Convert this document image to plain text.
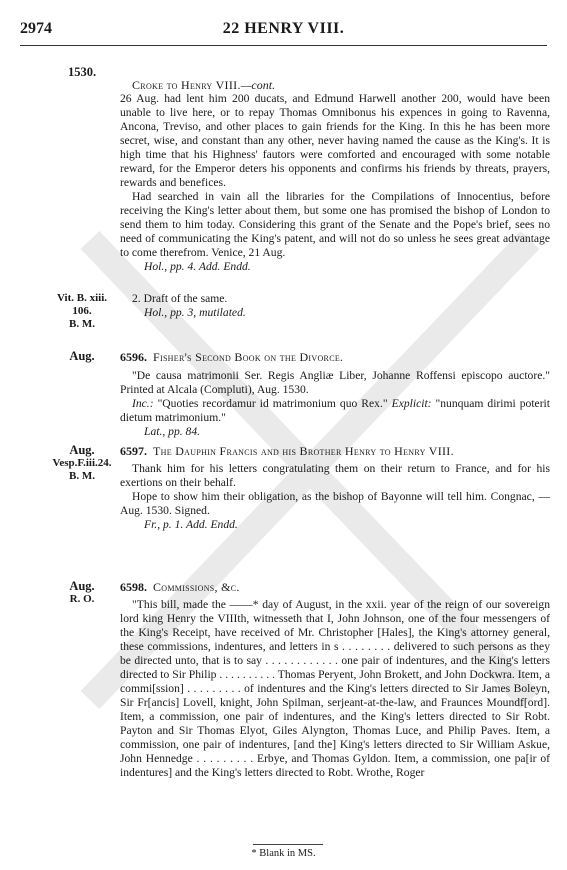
2974	22 HENRY VIII.
1530.

Croke to Henry VIII.—cont.

26 Aug. had lent him 200 ducats, and Edmund Harwell another 200, would have been unable to live here, or to repay Thomas Omnibonus his expences in going to Ravenna, Ancona, Treviso, and other places to gain friends for the King. In this he has been more secret, wise, and constant than any other, never having named the cause as the King's. It is high time that his Highness' fautors were comforted and encouraged with some notable reward, for the Emperor deters his opponents and confirms his friends by threats, prayers, rewards and benefices.

Had searched in vain all the libraries for the Compilations of Innocentius, before receiving the King's letter about them, but some one has promised the bishop of London to send them to him today. Considering this grant of the Senate and the Pope's brief, sees no need of communicating the King's patent, and will not do so unless he sees great advantage to come therefrom. Venice, 21 Aug.

Hol., pp. 4. Add. Endd.

Vit. B. xiii.
106.
B. M.

2. Draft of the same.

Hol., pp. 3, mutilated.

Aug.	6596. Fisher's Second Book on the Divorce.

"De causa matrimonii Ser. Regis Angliæ Liber, Johanne Roffensi episcopo auctore." Printed at Alcala (Compluti), Aug. 1530.

Inc.: "Quoties recordamur id matrimonium quo Rex." Explicit: "nunquam dirimi poterit dietum matrimonium."

Lat., pp. 84.

Aug.
Vesp.F.iii.24.
B. M.

6597. The Dauphin Francis and his Brother Henry to Henry VIII.

Thank him for his letters congratulating them on their return to France, and for his exertions on their behalf.

Hope to show him their obligation, as the bishop of Bayonne will tell him. Congnac, — Aug. 1530. Signed.

Fr., p. 1. Add. Endd.

Aug.
R. O.

6598. Commissions, &c.

"This bill, made the ——* day of August, in the xxii. year of the reign of our sovereign lord king Henry the VIIIth, witnesseth that I, John Johnson, one of the four messengers of the King's Receipt, have received of Mr. Christopher [Hales], the King's attorney general, these commissions, indentures, and letters in s . . . . . . . . delivered to such persons as they be directed unto, that is to say . . . . . . . . . . . . one pair of indentures, and the King's letters directed to Sir Philip . . . . . . . . . . Thomas Peryent, John Brokett, and John Dockwra. Item, a commi[ssion] . . . . . . . . . of indentures and the King's letters directed to Sir James Boleyn, Sir Fr[ancis] Lovell, knight, John Spilman, serjeant-at-the-law, and Fraunces Moundf[ord]. Item, a commission, one pair of indentures, and the King's letters directed to Sir Robt. Payton and Sir Thomas Elyot, Giles Alyngton, Thomas Luce, and Philip Paves. Item, a commission, one pair of indentures, [and the] King's letters directed to Sir William Askue, John Hennedge . . . . . . . . . Erbye, and Thomas Gyldon. Item, a commission, one pa[ir of indentures] and the King's letters directed to Robt. Wrothe, Roger

* Blank in MS.
